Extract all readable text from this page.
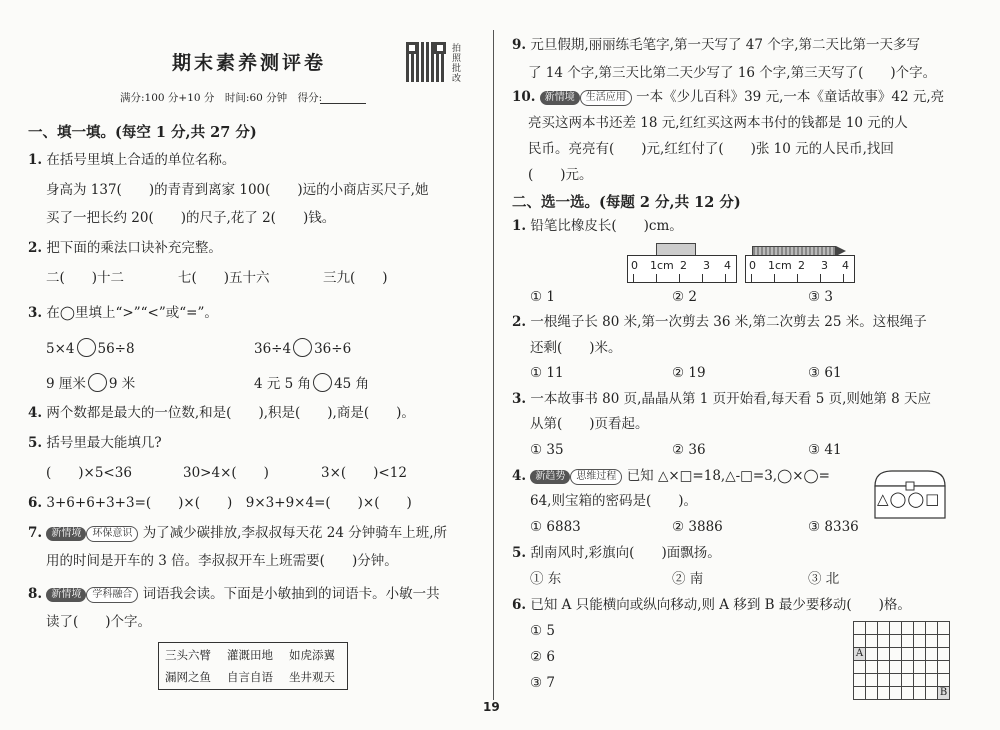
期末素养测评卷
拍照批改
满分:100 分+10 分　时间:60 分钟　得分:
一、填一填。(每空 1 分,共 27 分)
1. 在括号里填上合适的单位名称。
身高为 137(　　)的青青到离家 100(　　)远的小商店买尺子,她
买了一把长约 20(　　)的尺子,花了 2(　　)钱。
2. 把下面的乘法口诀补充完整。
二(　　)十二	七(　　)五十六	三九(　　)
3. 在◯里填上“>”“<”或“=”。
5×4 56÷8	36÷4 36÷6
9 厘米 9 米	4 元 5 角 45 角
4. 两个数都是最大的一位数,和是(　　),积是(　　),商是(　　)。
5. 括号里最大能填几?
(　　)×5<36	30>4×(　　)	3×(　　)<12
6. 3+6+6+3+3=(　　)×(　　)　9×3+9×4=(　　)×(　　)
7. 新情境 环保意识 为了减少碳排放,李叔叔每天花 24 分钟骑车上班,所
用的时间是开车的 3 倍。李叔叔开车上班需要(　　)分钟。
8. 新情境 学科融合 词语我会读。下面是小敏抽到的词语卡。小敏一共
读了(　　)个字。
三头六臂 灌溉田地 如虎添翼
漏网之鱼 自言自语 坐井观天
9. 元旦假期,丽丽练毛笔字,第一天写了 47 个字,第二天比第一天多写
了 14 个字,第三天比第二天少写了 16 个字,第三天写了(　　)个字。
10. 新情境 生活应用 一本《少儿百科》39 元,一本《童话故事》42 元,亮
亮买这两本书还差 18 元,红红买这两本书付的钱都是 10 元的人
民币。亮亮有(　　)元,红红付了(　　)张 10 元的人民币,找回
(　　)元。
二、选一选。(每题 2 分,共 12 分)
1. 铅笔比橡皮长(　　)cm。
0 1cm 2 3 4 0 1cm 2 3 4
① 1	② 2	③ 3
2. 一根绳子长 80 米,第一次剪去 36 米,第二次剪去 25 米。这根绳子
还剩(　　)米。
① 11	② 19	③ 61
3. 一本故事书 80 页,晶晶从第 1 页开始看,每天看 5 页,则她第 8 天应
从第(　　)页看起。
① 35	② 36	③ 41
4. 新趋势 思维过程 已知 △×□=18,△-□=3,◯×◯=
64,则宝箱的密码是(　　)。
① 6883	② 3886	③ 8336
△◯◯□
5. 刮南风时,彩旗向(　　)面飘扬。
① 东	② 南	③ 北
6. 已知 A 只能横向或纵向移动,则 A 移到 B 最少要移动(　　)格。
① 5
② 6
③ 7

A							

							B
19
